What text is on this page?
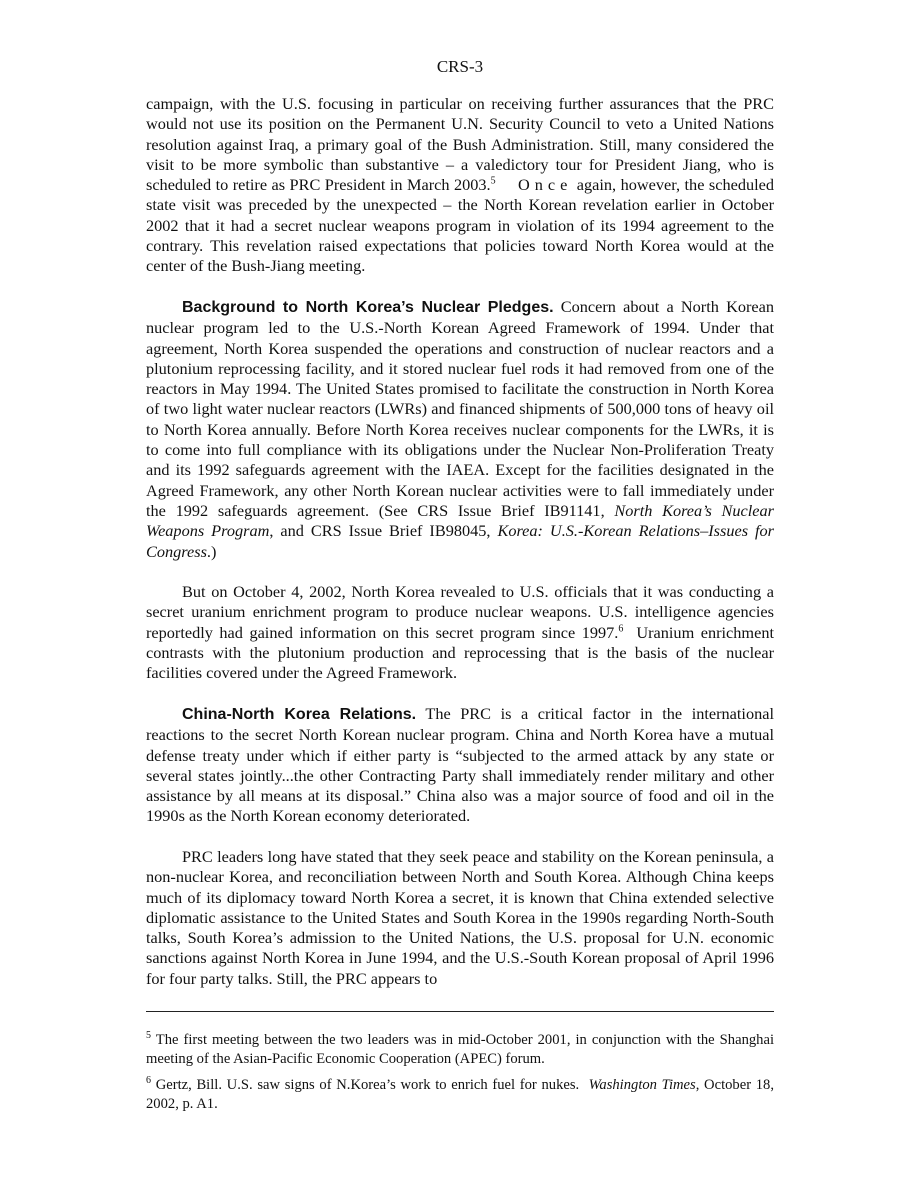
CRS-3

campaign, with the U.S. focusing in particular on receiving further assurances that the PRC would not use its position on the Permanent U.N. Security Council to veto a United Nations resolution against Iraq, a primary goal of the Bush Administration. Still, many considered the visit to be more symbolic than substantive – a valedictory tour for President Jiang, who is scheduled to retire as PRC President in March 2003.$^5$ Once again, however, the scheduled state visit was preceded by the unexpected – the North Korean revelation earlier in October 2002 that it had a secret nuclear weapons program in violation of its 1994 agreement to the contrary. This revelation raised expectations that policies toward North Korea would at the center of the Bush-Jiang meeting.

Background to North Korea’s Nuclear Pledges. Concern about a North Korean nuclear program led to the U.S.-North Korean Agreed Framework of 1994. Under that agreement, North Korea suspended the operations and construction of nuclear reactors and a plutonium reprocessing facility, and it stored nuclear fuel rods it had removed from one of the reactors in May 1994. The United States promised to facilitate the construction in North Korea of two light water nuclear reactors (LWRs) and financed shipments of 500,000 tons of heavy oil to North Korea annually. Before North Korea receives nuclear components for the LWRs, it is to come into full compliance with its obligations under the Nuclear Non-Proliferation Treaty and its 1992 safeguards agreement with the IAEA. Except for the facilities designated in the Agreed Framework, any other North Korean nuclear activities were to fall immediately under the 1992 safeguards agreement. (See CRS Issue Brief IB91141, North Korea’s Nuclear Weapons Program, and CRS Issue Brief IB98045, Korea: U.S.-Korean Relations–Issues for Congress.)

But on October 4, 2002, North Korea revealed to U.S. officials that it was conducting a secret uranium enrichment program to produce nuclear weapons. U.S. intelligence agencies reportedly had gained information on this secret program since 1997.$^6$ Uranium enrichment contrasts with the plutonium production and reprocessing that is the basis of the nuclear facilities covered under the Agreed Framework.

China-North Korea Relations. The PRC is a critical factor in the international reactions to the secret North Korean nuclear program. China and North Korea have a mutual defense treaty under which if either party is “subjected to the armed attack by any state or several states jointly...the other Contracting Party shall immediately render military and other assistance by all means at its disposal.” China also was a major source of food and oil in the 1990s as the North Korean economy deteriorated.

PRC leaders long have stated that they seek peace and stability on the Korean peninsula, a non-nuclear Korea, and reconciliation between North and South Korea. Although China keeps much of its diplomacy toward North Korea a secret, it is known that China extended selective diplomatic assistance to the United States and South Korea in the 1990s regarding North-South talks, South Korea’s admission to the United Nations, the U.S. proposal for U.N. economic sanctions against North Korea in June 1994, and the U.S.-South Korean proposal of April 1996 for four party talks. Still, the PRC appears to

$^5$ The first meeting between the two leaders was in mid-October 2001, in conjunction with the Shanghai meeting of the Asian-Pacific Economic Cooperation (APEC) forum.

$^6$ Gertz, Bill. U.S. saw signs of N.Korea’s work to enrich fuel for nukes. Washington Times, October 18, 2002, p. A1.
